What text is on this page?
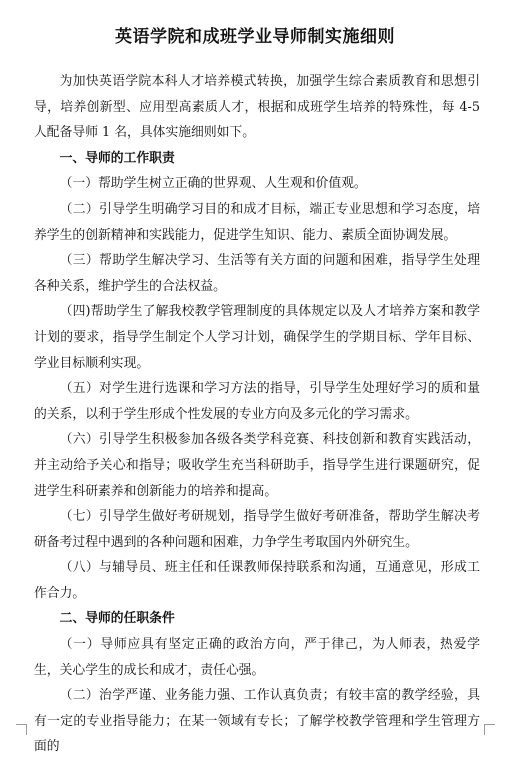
英语学院和成班学业导师制实施细则

为加快英语学院本科人才培养模式转换，加强学生综合素质教育和思想引导，培养创新型、应用型高素质人才，根据和成班学生培养的特殊性，每 4-5 人配备导师 1 名，具体实施细则如下。

一、导师的工作职责

（一）帮助学生树立正确的世界观、人生观和价值观。

（二）引导学生明确学习目的和成才目标，端正专业思想和学习态度，培养学生的创新精神和实践能力，促进学生知识、能力、素质全面协调发展。

（三）帮助学生解决学习、生活等有关方面的问题和困难，指导学生处理各种关系，维护学生的合法权益。

（四)帮助学生了解我校教学管理制度的具体规定以及人才培养方案和教学计划的要求，指导学生制定个人学习计划，确保学生的学期目标、学年目标、学业目标顺利实现。

（五）对学生进行选课和学习方法的指导，引导学生处理好学习的质和量的关系，以利于学生形成个性发展的专业方向及多元化的学习需求。

（六）引导学生积极参加各级各类学科竞赛、科技创新和教育实践活动，并主动给予关心和指导；吸收学生充当科研助手，指导学生进行课题研究，促进学生科研素养和创新能力的培养和提高。

（七）引导学生做好考研规划，指导学生做好考研准备，帮助学生解决考研备考过程中遇到的各种问题和困难，力争学生考取国内外研究生。

（八）与辅导员、班主任和任课教师保持联系和沟通，互通意见，形成工作合力。

二、导师的任职条件

（一）导师应具有坚定正确的政治方向，严于律己，为人师表，热爱学生，关心学生的成长和成才，责任心强。

（二）治学严谨、业务能力强、工作认真负责；有较丰富的教学经验，具有一定的专业指导能力；在某一领域有专长；了解学校教学管理和学生管理方面的
